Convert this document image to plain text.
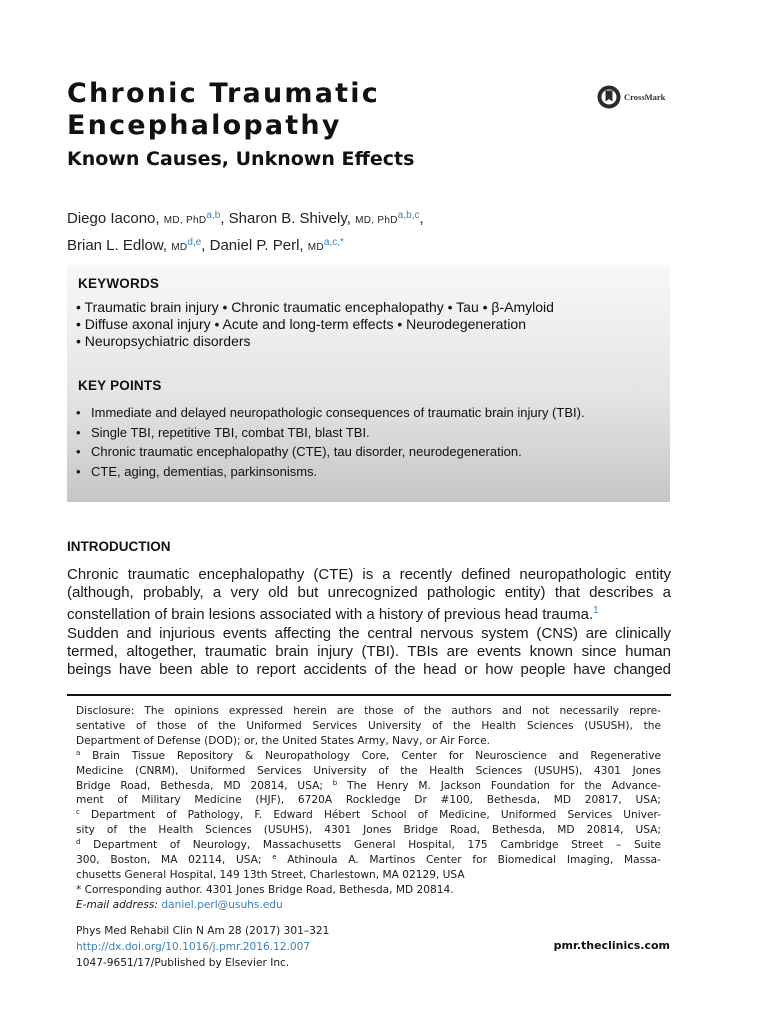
Chronic Traumatic
Encephalopathy
CrossMark
Known Causes, Unknown Effects
Diego Iacono, MD, PhD$^{a,b}$, Sharon B. Shively, MD, PhD$^{a,b,c}$,
Brian L. Edlow, MD$^{d,e}$, Daniel P. Perl, MD$^{a,c,*}$
KEYWORDS
• Traumatic brain injury • Chronic traumatic encephalopathy • Tau • β-Amyloid
• Diffuse axonal injury • Acute and long-term effects • Neurodegeneration
• Neuropsychiatric disorders
KEY POINTS
• Immediate and delayed neuropathologic consequences of traumatic brain injury (TBI).
• Single TBI, repetitive TBI, combat TBI, blast TBI.
• Chronic traumatic encephalopathy (CTE), tau disorder, neurodegeneration.
• CTE, aging, dementias, parkinsonisms.
INTRODUCTION
Chronic traumatic encephalopathy (CTE) is a recently defined neuropathologic entity
(although, probably, a very old but unrecognized pathologic entity) that describes a
constellation of brain lesions associated with a history of previous head trauma.$^1$
Sudden and injurious events affecting the central nervous system (CNS) are clinically
termed, altogether, traumatic brain injury (TBI). TBIs are events known since human
beings have been able to report accidents of the head or how people have changed
Disclosure: The opinions expressed herein are those of the authors and not necessarily repre-
sentative of those of the Uniformed Services University of the Health Sciences (USUSH), the
Department of Defense (DOD); or, the United States Army, Navy, or Air Force.
$^a$ Brain Tissue Repository & Neuropathology Core, Center for Neuroscience and Regenerative
Medicine (CNRM), Uniformed Services University of the Health Sciences (USUHS), 4301 Jones
Bridge Road, Bethesda, MD 20814, USA; $^b$ The Henry M. Jackson Foundation for the Advance-
ment of Military Medicine (HJF), 6720A Rockledge Dr #100, Bethesda, MD 20817, USA;
$^c$ Department of Pathology, F. Edward Hébert School of Medicine, Uniformed Services Univer-
sity of the Health Sciences (USUHS), 4301 Jones Bridge Road, Bethesda, MD 20814, USA;
$^d$ Department of Neurology, Massachusetts General Hospital, 175 Cambridge Street – Suite
300, Boston, MA 02114, USA; $^e$ Athinoula A. Martinos Center for Biomedical Imaging, Massa-
chusetts General Hospital, 149 13th Street, Charlestown, MA 02129, USA
* Corresponding author. 4301 Jones Bridge Road, Bethesda, MD 20814.
E-mail address: daniel.perl@usuhs.edu
Phys Med Rehabil Clin N Am 28 (2017) 301–321
http://dx.doi.org/10.1016/j.pmr.2016.12.007
1047-9651/17/Published by Elsevier Inc.
pmr.theclinics.com
